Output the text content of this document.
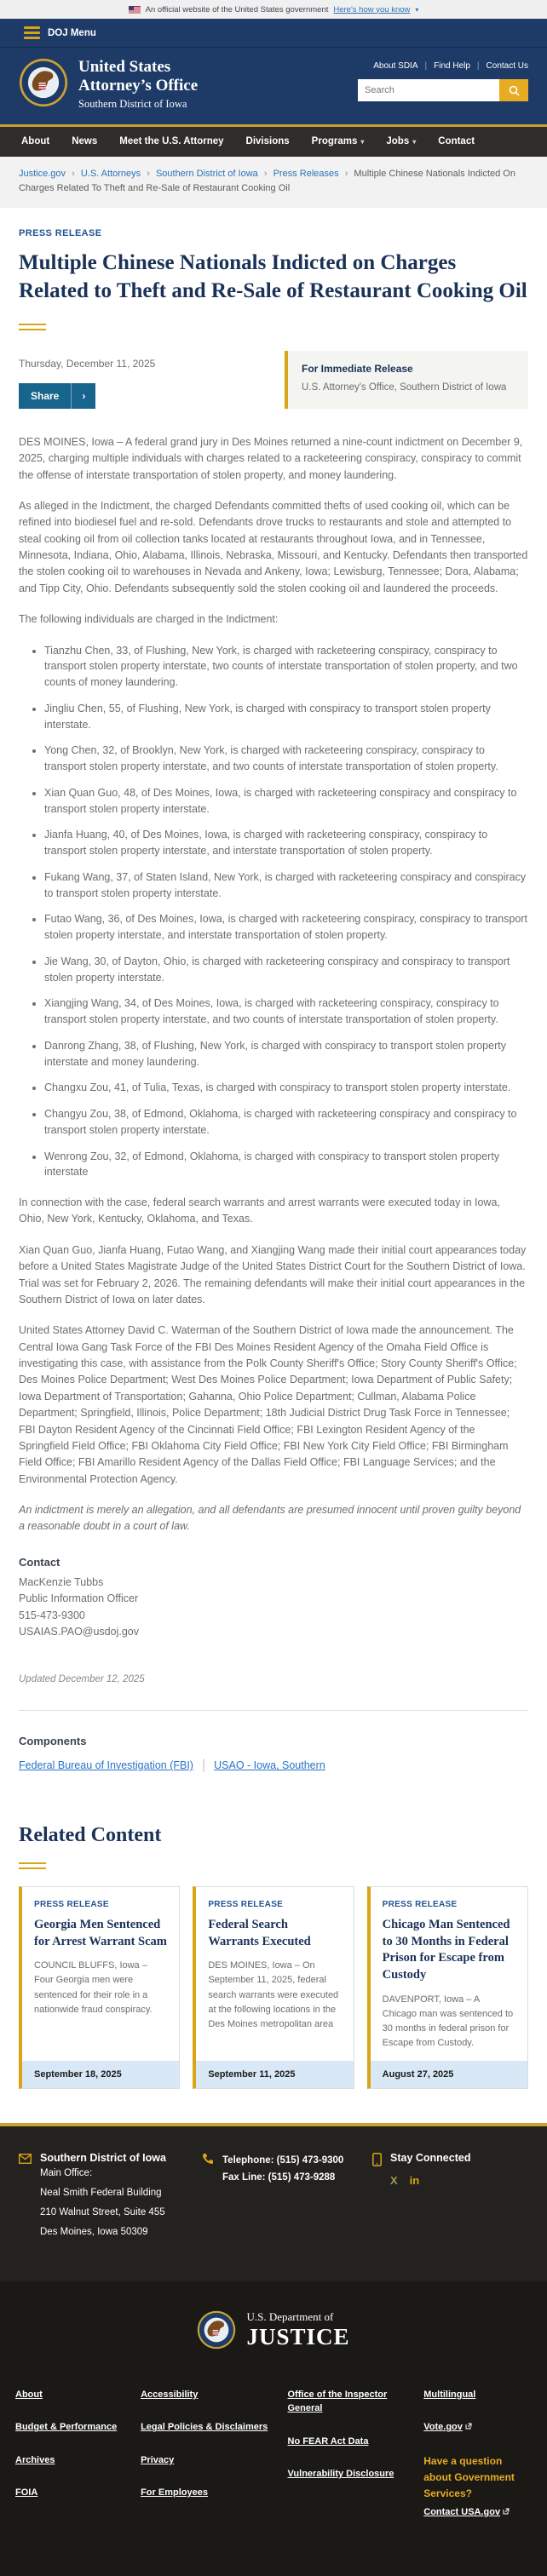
An official website of the United States government Here's how you know ▾
DOJ Menu
United States
Attorney’s Office
Southern District of Iowa
About SDIA | Find Help | Contact Us
Search
About News Meet the U.S. Attorney Divisions Programs ▾ Jobs ▾ Contact
Justice.gov › U.S. Attorneys › Southern District of Iowa › Press Releases › Multiple Chinese Nationals Indicted On Charges Related To Theft and Re-Sale of Restaurant Cooking Oil
PRESS RELEASE
Multiple Chinese Nationals Indicted on Charges Related to Theft and Re-Sale of Restaurant Cooking Oil
Thursday, December 11, 2025
Share	›
For Immediate Release
U.S. Attorney's Office, Southern District of Iowa

DES MOINES, Iowa – A federal grand jury in Des Moines returned a nine-count indictment on December 9, 2025, charging multiple individuals with charges related to a racketeering conspiracy, conspiracy to commit the offense of interstate transportation of stolen property, and money laundering.

As alleged in the Indictment, the charged Defendants committed thefts of used cooking oil, which can be refined into biodiesel fuel and re-sold. Defendants drove trucks to restaurants and stole and attempted to steal cooking oil from oil collection tanks located at restaurants throughout Iowa, and in Tennessee, Minnesota, Indiana, Ohio, Alabama, Illinois, Nebraska, Missouri, and Kentucky. Defendants then transported the stolen cooking oil to warehouses in Nevada and Ankeny, Iowa; Lewisburg, Tennessee; Dora, Alabama; and Tipp City, Ohio. Defendants subsequently sold the stolen cooking oil and laundered the proceeds.

The following individuals are charged in the Indictment:

• Tianzhu Chen, 33, of Flushing, New York, is charged with racketeering conspiracy, conspiracy to transport stolen property interstate, two counts of interstate transportation of stolen property, and two counts of money laundering.
• Jingliu Chen, 55, of Flushing, New York, is charged with conspiracy to transport stolen property interstate.
• Yong Chen, 32, of Brooklyn, New York, is charged with racketeering conspiracy, conspiracy to transport stolen property interstate, and two counts of interstate transportation of stolen property.
• Xian Quan Guo, 48, of Des Moines, Iowa, is charged with racketeering conspiracy and conspiracy to transport stolen property interstate.
• Jianfa Huang, 40, of Des Moines, Iowa, is charged with racketeering conspiracy, conspiracy to transport stolen property interstate, and interstate transportation of stolen property.
• Fukang Wang, 37, of Staten Island, New York, is charged with racketeering conspiracy and conspiracy to transport stolen property interstate.
• Futao Wang, 36, of Des Moines, Iowa, is charged with racketeering conspiracy, conspiracy to transport stolen property interstate, and interstate transportation of stolen property.
• Jie Wang, 30, of Dayton, Ohio, is charged with racketeering conspiracy and conspiracy to transport stolen property interstate.
• Xiangjing Wang, 34, of Des Moines, Iowa, is charged with racketeering conspiracy, conspiracy to transport stolen property interstate, and two counts of interstate transportation of stolen property.
• Danrong Zhang, 38, of Flushing, New York, is charged with conspiracy to transport stolen property interstate and money laundering.
• Changxu Zou, 41, of Tulia, Texas, is charged with conspiracy to transport stolen property interstate.
• Changyu Zou, 38, of Edmond, Oklahoma, is charged with racketeering conspiracy and conspiracy to transport stolen property interstate.
• Wenrong Zou, 32, of Edmond, Oklahoma, is charged with conspiracy to transport stolen property interstate

In connection with the case, federal search warrants and arrest warrants were executed today in Iowa, Ohio, New York, Kentucky, Oklahoma, and Texas.

Xian Quan Guo, Jianfa Huang, Futao Wang, and Xiangjing Wang made their initial court appearances today before a United States Magistrate Judge of the United States District Court for the Southern District of Iowa. Trial was set for February 2, 2026. The remaining defendants will make their initial court appearances in the Southern District of Iowa on later dates.

United States Attorney David C. Waterman of the Southern District of Iowa made the announcement. The Central Iowa Gang Task Force of the FBI Des Moines Resident Agency of the Omaha Field Office is investigating this case, with assistance from the Polk County Sheriff's Office; Story County Sheriff's Office; Des Moines Police Department; West Des Moines Police Department; Iowa Department of Public Safety; Iowa Department of Transportation; Gahanna, Ohio Police Department; Cullman, Alabama Police Department; Springfield, Illinois, Police Department; 18th Judicial District Drug Task Force in Tennessee; FBI Dayton Resident Agency of the Cincinnati Field Office; FBI Lexington Resident Agency of the Springfield Field Office; FBI Oklahoma City Field Office; FBI New York City Field Office; FBI Birmingham Field Office; FBI Amarillo Resident Agency of the Dallas Field Office; FBI Language Services; and the Environmental Protection Agency.

An indictment is merely an allegation, and all defendants are presumed innocent until proven guilty beyond a reasonable doubt in a court of law.

Contact
MacKenzie Tubbs
Public Information Officer
515-473-9300
USAIAS.PAO@usdoj.gov
Updated December 12, 2025
Components
Federal Bureau of Investigation (FBI) | USAO - Iowa, Southern
Related Content
PRESS RELEASE
Georgia Men Sentenced for Arrest Warrant Scam
COUNCIL BLUFFS, Iowa – Four Georgia men were sentenced for their role in a nationwide fraud conspiracy.
September 18, 2025
PRESS RELEASE
Federal Search Warrants Executed
DES MOINES, Iowa – On September 11, 2025, federal search warrants were executed at the following locations in the Des Moines metropolitan area
September 11, 2025
PRESS RELEASE
Chicago Man Sentenced to 30 Months in Federal Prison for Escape from Custody
DAVENPORT, Iowa – A Chicago man was sentenced to 30 months in federal prison for Escape from Custody.
August 27, 2025
Southern District of Iowa
Main Office:
Neal Smith Federal Building
210 Walnut Street, Suite 455
Des Moines, Iowa 50309
Telephone: (515) 473-9300
Fax Line: (515) 473-9288
Stay Connected
X in
U.S. Department of
JUSTICE
About
Budget & Performance
Archives
FOIA
Accessibility
Legal Policies & Disclaimers
Privacy
For Employees
Office of the Inspector General
No FEAR Act Data
Vulnerability Disclosure
Multilingual
Vote.gov
Have a question about Government Services?
Contact USA.gov
